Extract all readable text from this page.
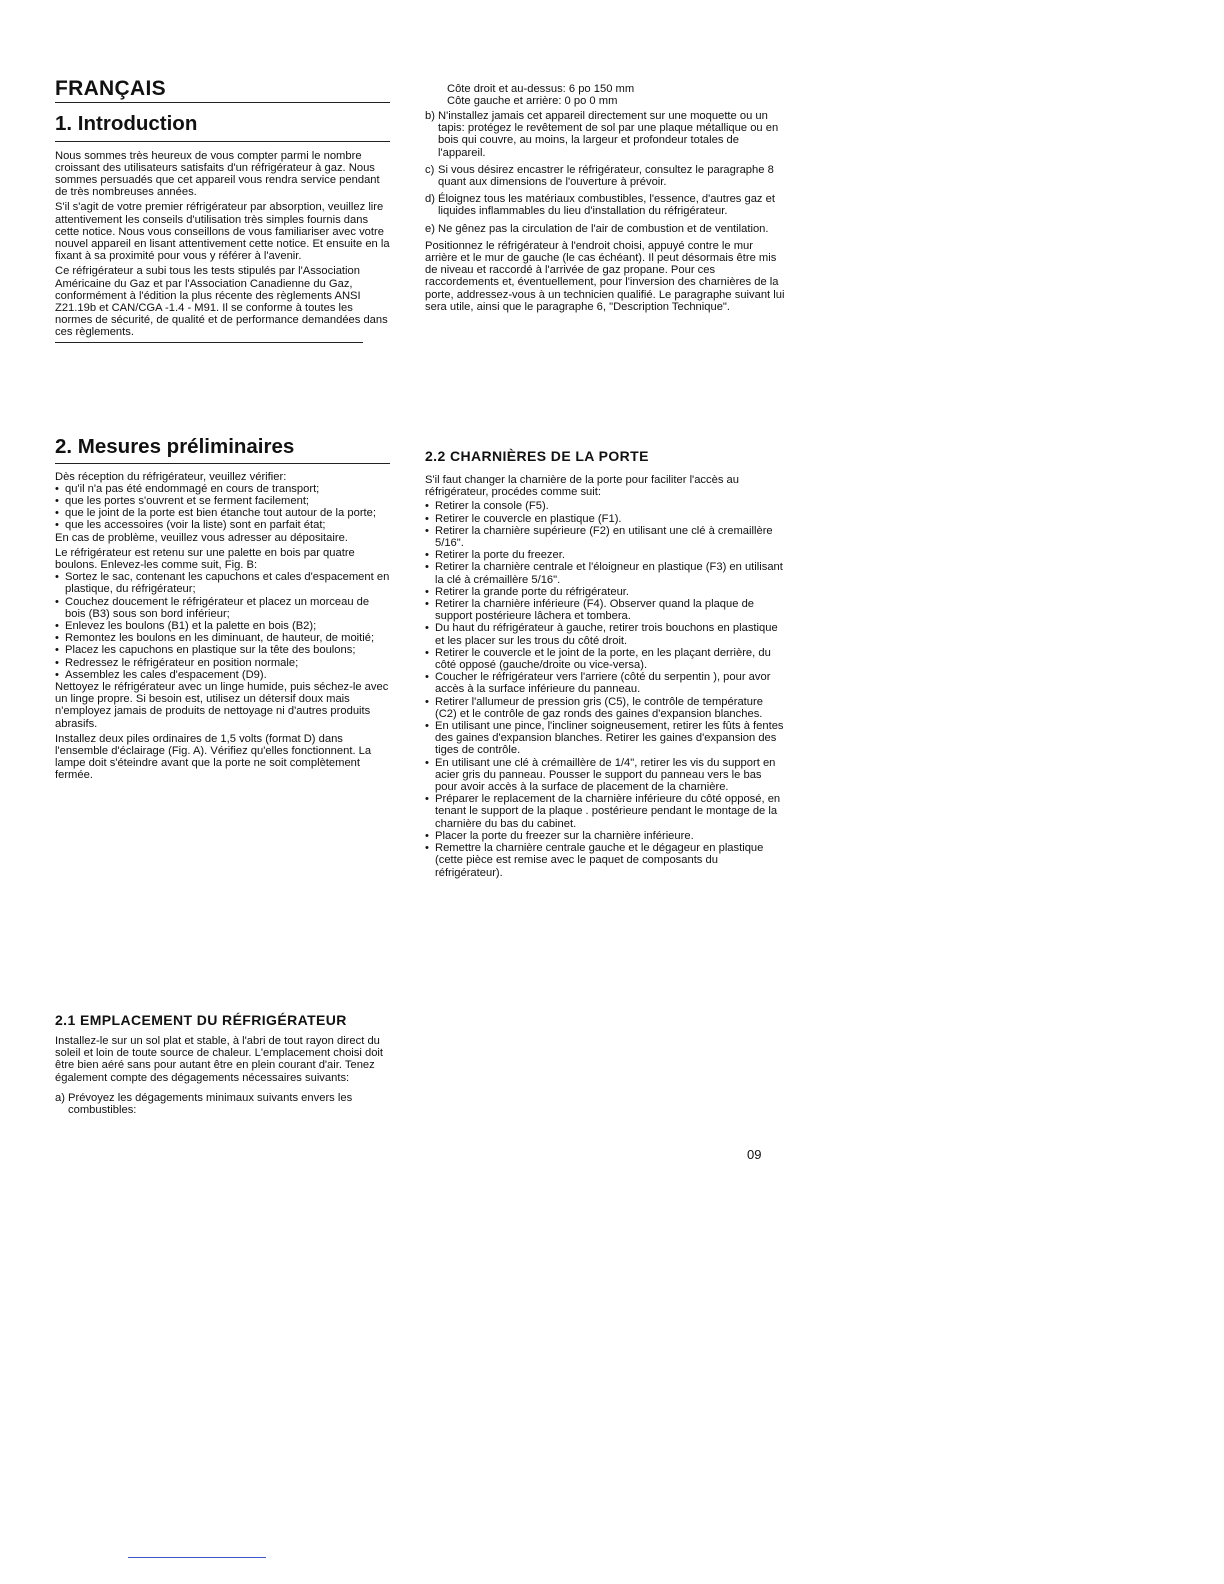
FRANÇAIS
1. Introduction

Nous sommes très heureux de vous compter parmi le nombre croissant des utilisateurs satisfaits d'un réfrigérateur à gaz. Nous sommes persuadés que cet appareil vous rendra service pendant de très nombreuses années.

S'il s'agit de votre premier réfrigérateur par absorption, veuillez lire attentivement les conseils d'utilisation très simples fournis dans cette notice. Nous vous conseillons de vous familiariser avec votre nouvel appareil en lisant attentivement cette notice. Et ensuite en la fixant à sa proximité pour vous y référer à l'avenir.

Ce réfrigérateur a subi tous les tests stipulés par l'Association Américaine du Gaz et par l'Association Canadienne du Gaz, conformément à l'édition la plus récente des règlements ANSI Z21.19b et CAN/CGA -1.4 - M91. Il se conforme à toutes les normes de sécurité, de qualité et de performance demandées dans ces règlements.

2. Mesures préliminaires

Dès réception du réfrigérateur, veuillez vérifier:

• qu'il n'a pas été endommagé en cours de transport;
• que les portes s'ouvrent et se ferment facilement;
• que le joint de la porte est bien étanche tout autour de la porte;
• que les accessoires (voir la liste) sont en parfait état;

En cas de problème, veuillez vous adresser au dépositaire.

Le réfrigérateur est retenu sur une palette en bois par quatre boulons. Enlevez-les comme suit, Fig. B:

• Sortez le sac, contenant les capuchons et cales d'espacement en plastique, du réfrigérateur;
• Couchez doucement le réfrigérateur et placez un morceau de bois (B3) sous son bord inférieur;
• Enlevez les boulons (B1) et la palette en bois (B2);
• Remontez les boulons en les diminuant, de hauteur, de moitié;
• Placez les capuchons en plastique sur la tête des boulons;
• Redressez le réfrigérateur en position normale;
• Assemblez les cales d'espacement (D9).

Nettoyez le réfrigérateur avec un linge humide, puis séchez-le avec un linge propre. Si besoin est, utilisez un détersif doux mais n'employez jamais de produits de nettoyage ni d'autres produits abrasifs.

Installez deux piles ordinaires de 1,5 volts (format D) dans l'ensemble d'éclairage (Fig. A). Vérifiez qu'elles fonctionnent. La lampe doit s'éteindre avant que la porte ne soit complètement fermée.

2.1 EMPLACEMENT DU RÉFRIGÉRATEUR

Installez-le sur un sol plat et stable, à l'abri de tout rayon direct du soleil et loin de toute source de chaleur. L'emplacement choisi doit être bien aéré sans pour autant être en plein courant d'air. Tenez également compte des dégagements nécessaires suivants:

a) Prévoyez les dégagements minimaux suivants envers les combustibles:
Côte droit et au-dessus: 6 po 150 mm
Côte gauche et arrière: 0 po 0 mm
b) N'installez jamais cet appareil directement sur une moquette ou un tapis: protégez le revêtement de sol par une plaque métallique ou en bois qui couvre, au moins, la largeur et profondeur totales de l'appareil.
c) Si vous désirez encastrer le réfrigérateur, consultez le paragraphe 8 quant aux dimensions de l'ouverture à prévoir.
d) Éloignez tous les matériaux combustibles, l'essence, d'autres gaz et liquides inflammables du lieu d'installation du réfrigérateur.
e) Ne gênez pas la circulation de l'air de combustion et de ventilation.

Positionnez le réfrigérateur à l'endroit choisi, appuyé contre le mur arrière et le mur de gauche (le cas échéant). Il peut désormais être mis de niveau et raccordé à l'arrivée de gaz propane. Pour ces raccordements et, éventuellement, pour l'inversion des charnières de la porte, addressez-vous à un technicien qualifié. Le paragraphe suivant lui sera utile, ainsi que le paragraphe 6, "Description Technique".

2.2 CHARNIÈRES DE LA PORTE

S'il faut changer la charnière de la porte pour faciliter l'accès au réfrigérateur, procédes comme suit:

• Retirer la console (F5).
• Retirer le couvercle en plastique (F1).
• Retirer la charnière supérieure (F2) en utilisant une clé à cremaillère 5/16".
• Retirer la porte du freezer.
• Retirer la charnière centrale et l'éloigneur en plastique (F3) en utilisant la clé à crémaillère 5/16".
• Retirer la grande porte du réfrigérateur.
• Retirer la charnière inférieure (F4). Observer quand la plaque de support postérieure lâchera et tombera.
• Du haut du réfrigérateur à gauche, retirer trois bouchons en plastique et les placer sur les trous du côté droit.
• Retirer le couvercle et le joint de la porte, en les plaçant derrière, du côté opposé (gauche/droite ou vice-versa).
• Coucher le réfrigérateur vers l'arriere (côté du serpentin ), pour avor accès à la surface inférieure du panneau.
• Retirer l'allumeur de pression gris (C5), le contrôle de température (C2) et le contrôle de gaz ronds des gaines d'expansion blanches.
• En utilisant une pince, l'incliner soigneusement, retirer les fûts à fentes des gaines d'expansion blanches. Retirer les gaines d'expansion des tiges de contrôle.
• En utilisant une clé à crémaillère de 1/4", retirer les vis du support en acier gris du panneau. Pousser le support du panneau vers le bas pour avoir accès à la surface de placement de la charnière.
• Préparer le replacement de la charnière inférieure du côté opposé, en tenant le support de la plaque . postérieure pendant le montage de la charnière du bas du cabinet.
• Placer la porte du freezer sur la charnière inférieure.
• Remettre la charnière centrale gauche et le dégageur en plastique (cette pièce est remise avec le paquet de composants du réfrigérateur).
09
